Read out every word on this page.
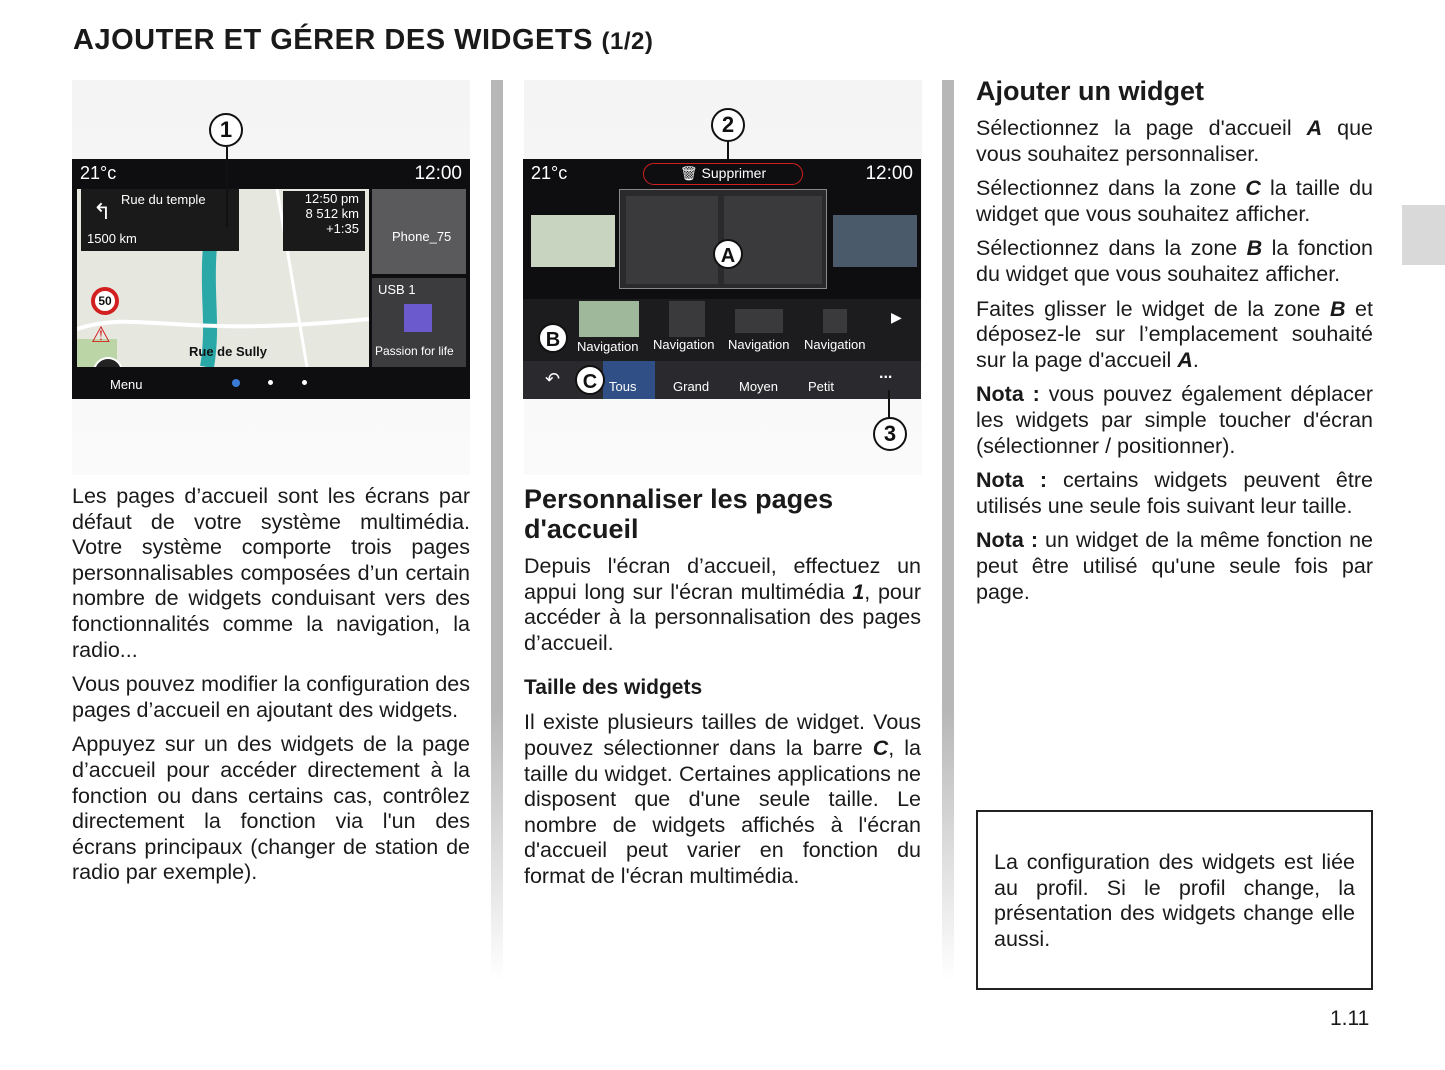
AJOUTER ET GÉRER DES WIDGETS (1/2)
1
21°c	12:00
Rue du temple
↰
1500 km
12:50 pm
8 512 km
+1:35
50
⚠
Rue de Sully
Phone_75
USB 1
Passion for life
Menu
2
21°c	12:00
🗑 Supprimer
A
Navigation Navigation Navigation Navigation
▶
B
↶	Tous	Grand Moyen Petit
...
C
3

Les pages d’accueil sont les écrans par défaut de votre système multimédia. Votre système comporte trois pages personnalisables composées d’un certain nombre de widgets conduisant vers des fonctionnalités comme la navigation, la radio...

Vous pouvez modifier la configuration des pages d’accueil en ajoutant des widgets.

Appuyez sur un des widgets de la page d’accueil pour accéder directement à la fonction ou dans certains cas, contrôlez directement la fonction via l'un des écrans principaux (changer de station de radio par exemple).

Personnaliser les pages d'accueil

Depuis l'écran d’accueil, effectuez un appui long sur l'écran multimédia 1, pour accéder à la personnalisation des pages d’accueil.

Taille des widgets

Il existe plusieurs tailles de widget. Vous pouvez sélectionner dans la barre C, la taille du widget. Certaines applications ne disposent que d'une seule taille. Le nombre de widgets affichés à l'écran d'accueil peut varier en fonction du format de l'écran multimédia.

Ajouter un widget

Sélectionnez la page d'accueil A que vous souhaitez personnaliser.

Sélectionnez dans la zone C la taille du widget que vous souhaitez afficher.

Sélectionnez dans la zone B la fonction du widget que vous souhaitez afficher.

Faites glisser le widget de la zone B et déposez-le sur l’emplacement souhaité sur la page d'accueil A.

Nota : vous pouvez également déplacer les widgets par simple toucher d'écran (sélectionner / positionner).

Nota : certains widgets peuvent être utilisés une seule fois suivant leur taille.

Nota : un widget de la même fonction ne peut être utilisé qu'une seule fois par page.

La configuration des widgets est liée au profil. Si le profil change, la présentation des widgets change elle aussi.

1.11
